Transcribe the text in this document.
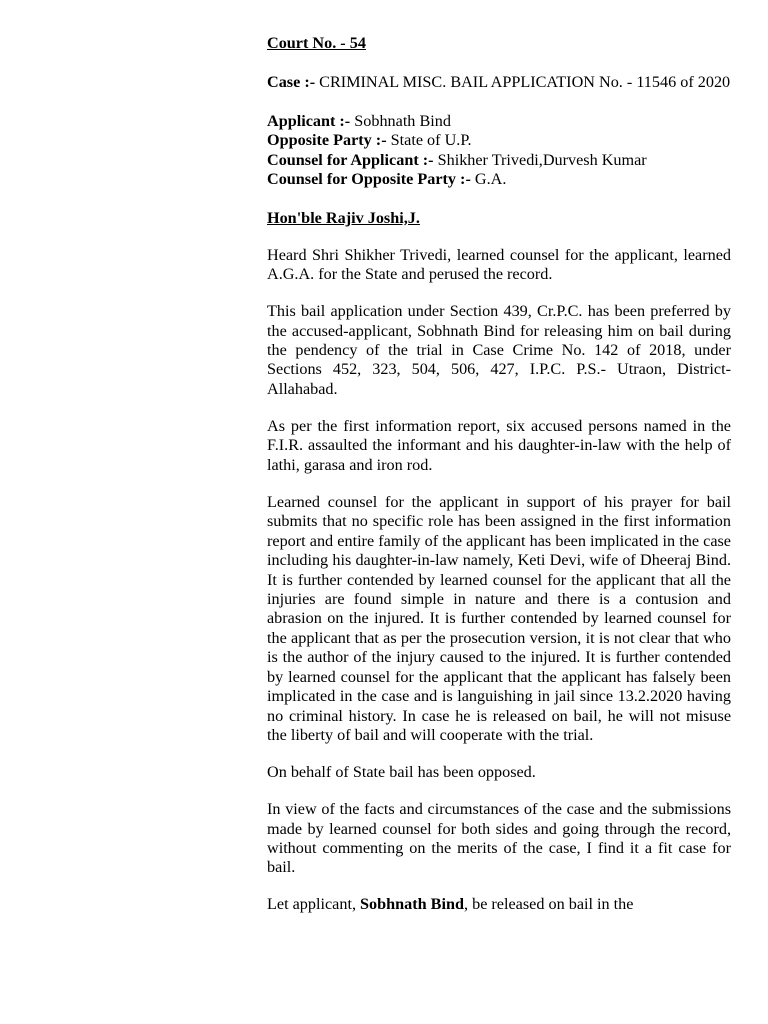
Court No. - 54

Case :- CRIMINAL MISC. BAIL APPLICATION No. - 11546 of 2020

Applicant :- Sobhnath Bind

Opposite Party :- State of U.P.

Counsel for Applicant :- Shikher Trivedi,Durvesh Kumar

Counsel for Opposite Party :- G.A.

Hon'ble Rajiv Joshi,J.

Heard Shri Shikher Trivedi, learned counsel for the applicant, learned A.G.A. for the State and perused the record.

This bail application under Section 439, Cr.P.C. has been preferred by the accused-applicant, Sobhnath Bind for releasing him on bail during the pendency of the trial in Case Crime No. 142 of 2018, under Sections 452, 323, 504, 506, 427, I.P.C. P.S.- Utraon, District- Allahabad.

As per the first information report, six accused persons named in the F.I.R. assaulted the informant and his daughter-in-law with the help of lathi, garasa and iron rod.

Learned counsel for the applicant in support of his prayer for bail submits that no specific role has been assigned in the first information report and entire family of the applicant has been implicated in the case including his daughter-in-law namely, Keti Devi, wife of Dheeraj Bind. It is further contended by learned counsel for the applicant that all the injuries are found simple in nature and there is a contusion and abrasion on the injured. It is further contended by learned counsel for the applicant that as per the prosecution version, it is not clear that who is the author of the injury caused to the injured. It is further contended by learned counsel for the applicant that the applicant has falsely been implicated in the case and is languishing in jail since 13.2.2020 having no criminal history. In case he is released on bail, he will not misuse the liberty of bail and will cooperate with the trial.

On behalf of State bail has been opposed.

In view of the facts and circumstances of the case and the submissions made by learned counsel for both sides and going through the record, without commenting on the merits of the case, I find it a fit case for bail.

Let applicant, Sobhnath Bind, be released on bail in the
